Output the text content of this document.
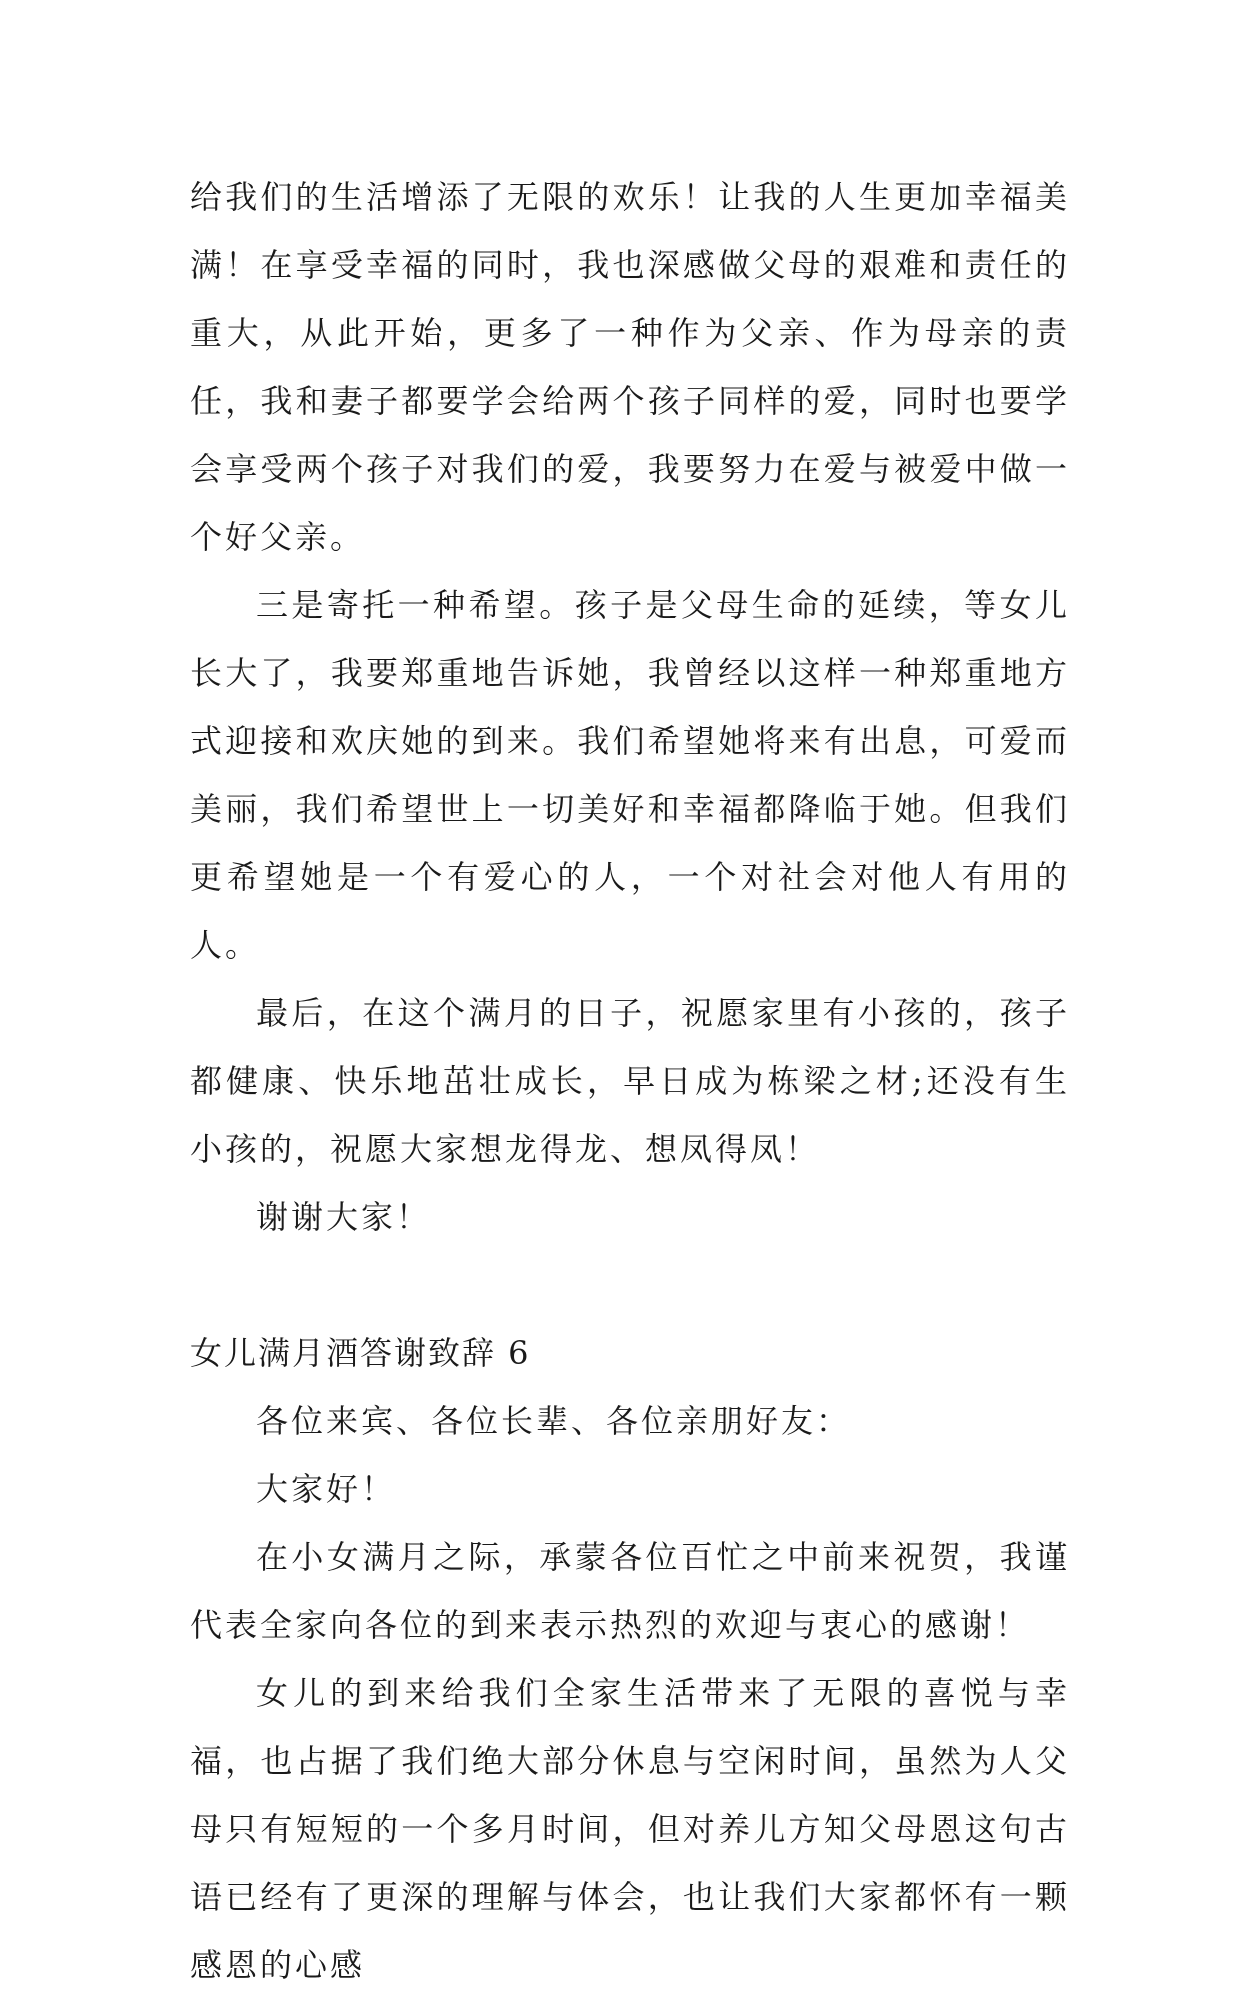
给我们的生活增添了无限的欢乐！让我的人生更加幸福美满！在享受幸福的同时，我也深感做父母的艰难和责任的重大，从此开始，更多了一种作为父亲、作为母亲的责任，我和妻子都要学会给两个孩子同样的爱，同时也要学会享受两个孩子对我们的爱，我要努力在爱与被爱中做一个好父亲。

三是寄托一种希望。孩子是父母生命的延续，等女儿长大了，我要郑重地告诉她，我曾经以这样一种郑重地方式迎接和欢庆她的到来。我们希望她将来有出息，可爱而美丽，我们希望世上一切美好和幸福都降临于她。但我们更希望她是一个有爱心的人，一个对社会对他人有用的人。

最后，在这个满月的日子，祝愿家里有小孩的，孩子都健康、快乐地茁壮成长，早日成为栋梁之材;还没有生小孩的，祝愿大家想龙得龙、想凤得凤！

谢谢大家！

女儿满月酒答谢致辞 6

各位来宾、各位长辈、各位亲朋好友：

大家好！

在小女满月之际，承蒙各位百忙之中前来祝贺，我谨代表全家向各位的到来表示热烈的欢迎与衷心的感谢！

女儿的到来给我们全家生活带来了无限的喜悦与幸福，也占据了我们绝大部分休息与空闲时间，虽然为人父母只有短短的一个多月时间，但对养儿方知父母恩这句古语已经有了更深的理解与体会，也让我们大家都怀有一颗感恩的心感
